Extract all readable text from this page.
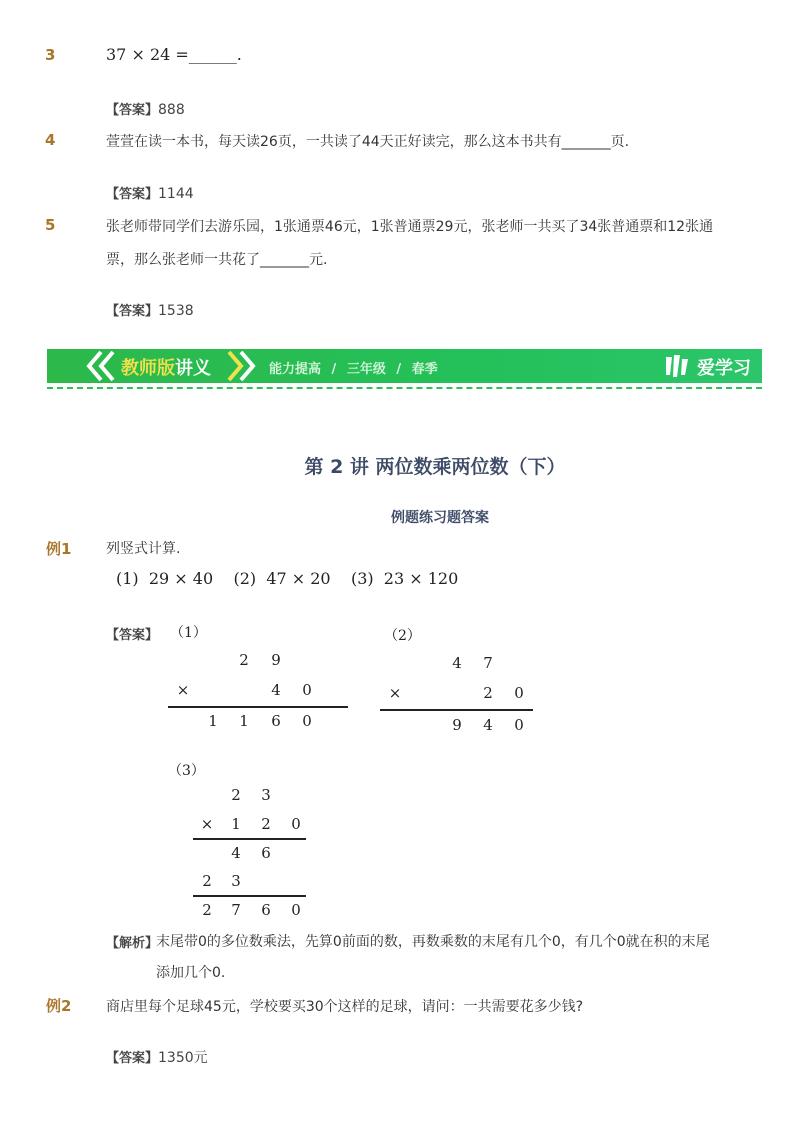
3	37 × 24 =______.
【答案】888
4	萱萱在读一本书，每天读26页，一共读了44天正好读完，那么这本书共有_______页.
【答案】1144
5	张老师带同学们去游乐园，1张通票46元，1张普通票29元，张老师一共买了34张普通票和12张通
票，那么张老师一共花了_______元.
【答案】1538
教师版讲义	能力提高 / 三年级 / 春季	爱学习
第 2 讲 两位数乘两位数（下）
例题练习题答案
例1 列竖式计算.
(1)  29 × 40    (2)  47 × 20    (3)  23 × 120
【答案】 （1）	（2）
2 9
×	4 0
1 1 6 0
4 7
×	2 0
9 4 0
（3）
2 3
× 1 2 0
4 6
2 3
2 7 6 0
【解析】
末尾带0的多位数乘法，先算0前面的数，再数乘数的末尾有几个0，有几个0就在积的末尾
添加几个0.
例2 商店里每个足球45元，学校要买30个这样的足球，请问：一共需要花多少钱?
【答案】1350元
